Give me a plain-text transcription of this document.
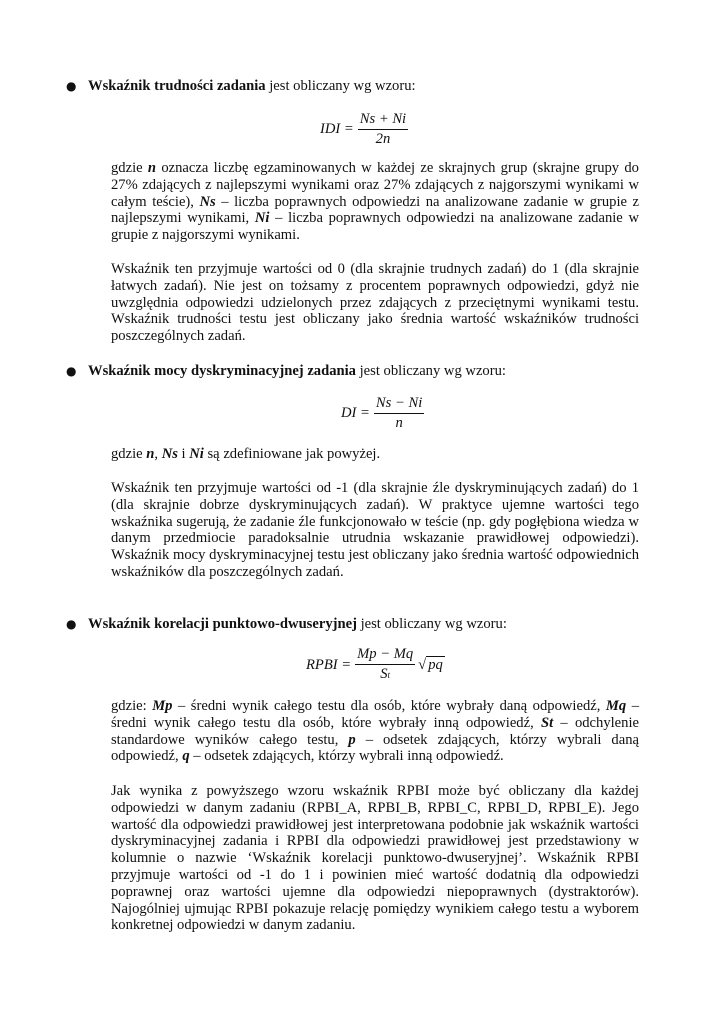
● Wskaźnik trudności zadania jest obliczany wg wzoru:
IDI = $\frac{Ns + Ni}{2n}$
gdzie n oznacza liczbę egzaminowanych w każdej ze skrajnych grup (skrajne grupy do
27% zdających z najlepszymi wynikami oraz 27% zdających z najgorszymi wynikami w
całym teście), Ns – liczba poprawnych odpowiedzi na analizowane zadanie w grupie z
najlepszymi wynikami, Ni – liczba poprawnych odpowiedzi na analizowane zadanie w
grupie z najgorszymi wynikami.
Wskaźnik ten przyjmuje wartości od 0 (dla skrajnie trudnych zadań) do 1 (dla skrajnie
łatwych zadań). Nie jest on tożsamy z procentem poprawnych odpowiedzi, gdyż nie
uwzględnia odpowiedzi udzielonych przez zdających z przeciętnymi wynikami testu.
Wskaźnik trudności testu jest obliczany jako średnia wartość wskaźników trudności
poszczególnych zadań.
● Wskaźnik mocy dyskryminacyjnej zadania jest obliczany wg wzoru:
DI = $\frac{Ns - Ni}{n}$
gdzie n, Ns i Ni są zdefiniowane jak powyżej.
Wskaźnik ten przyjmuje wartości od -1 (dla skrajnie źle dyskryminujących zadań) do 1
(dla skrajnie dobrze dyskryminujących zadań). W praktyce ujemne wartości tego
wskaźnika sugerują, że zadanie źle funkcjonowało w teście (np. gdy pogłębiona wiedza w
danym przedmiocie paradoksalnie utrudnia wskazanie prawidłowej odpowiedzi).
Wskaźnik mocy dyskryminacyjnej testu jest obliczany jako średnia wartość odpowiednich
wskaźników dla poszczególnych zadań.
● Wskaźnik korelacji punktowo-dwuseryjnej jest obliczany wg wzoru:
RPBI = $\frac{Mp - Mq}{St}$ √ pq
gdzie: Mp – średni wynik całego testu dla osób, które wybrały daną odpowiedź, Mq –
średni wynik całego testu dla osób, które wybrały inną odpowiedź, St – odchylenie
standardowe wyników całego testu, p – odsetek zdających, którzy wybrali daną
odpowiedź, q – odsetek zdających, którzy wybrali inną odpowiedź.
Jak wynika z powyższego wzoru wskaźnik RPBI może być obliczany dla każdej
odpowiedzi w danym zadaniu (RPBI_A, RPBI_B, RPBI_C, RPBI_D, RPBI_E). Jego
wartość dla odpowiedzi prawidłowej jest interpretowana podobnie jak wskaźnik wartości
dyskryminacyjnej zadania i RPBI dla odpowiedzi prawidłowej jest przedstawiony w
kolumnie o nazwie ‘Wskaźnik korelacji punktowo-dwuseryjnej’. Wskaźnik RPBI
przyjmuje wartości od -1 do 1 i powinien mieć wartość dodatnią dla odpowiedzi
poprawnej oraz wartości ujemne dla odpowiedzi niepoprawnych (dystraktorów).
Najogólniej ujmując RPBI pokazuje relację pomiędzy wynikiem całego testu a wyborem
konkretnej odpowiedzi w danym zadaniu.
